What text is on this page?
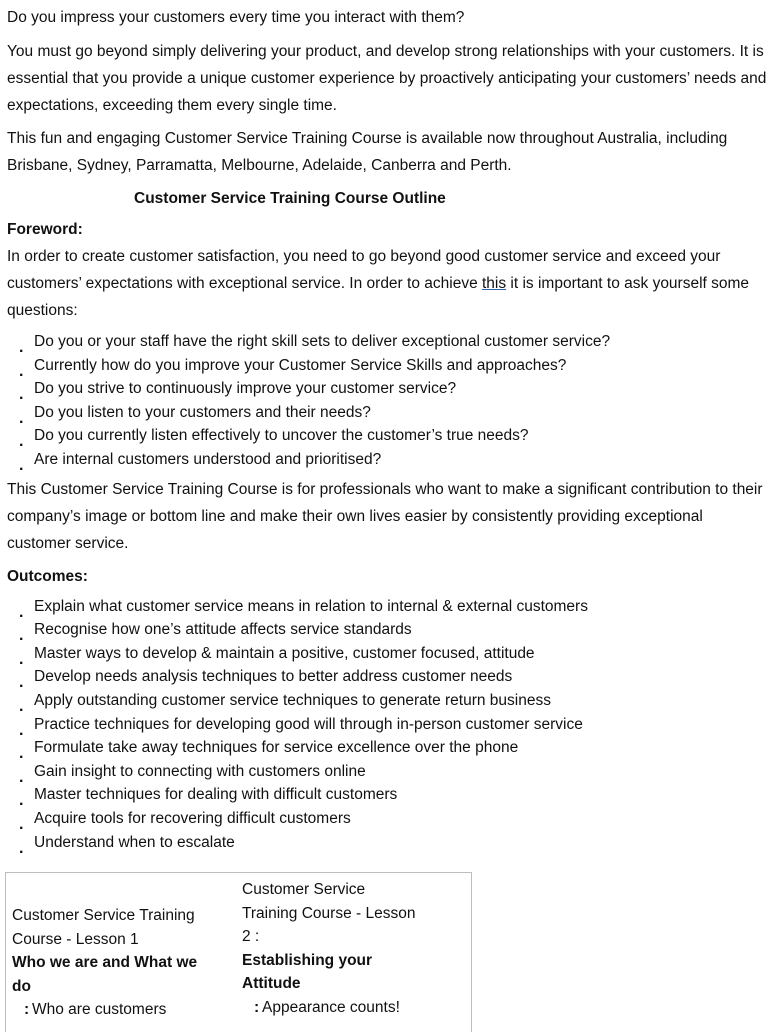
Do you impress your customers every time you interact with them?

You must go beyond simply delivering your product, and develop strong relationships with your customers. It is essential that you provide a unique customer experience by proactively anticipating your customers’ needs and expectations, exceeding them every single time.

This fun and engaging Customer Service Training Course is available now throughout Australia, including Brisbane, Sydney, Parramatta, Melbourne, Adelaide, Canberra and Perth.

Customer Service Training Course Outline
Foreword:

In order to create customer satisfaction, you need to go beyond good customer service and exceed your customers’ expectations with exceptional service. In order to achieve this it is important to ask yourself some questions:

. Do you or your staff have the right skill sets to deliver exceptional customer service?
. Currently how do you improve your Customer Service Skills and approaches?
. Do you strive to continuously improve your customer service?
. Do you listen to your customers and their needs?
. Do you currently listen effectively to uncover the customer’s true needs?
. Are internal customers understood and prioritised?

This Customer Service Training Course is for professionals who want to make a significant contribution to their company’s image or bottom line and make their own lives easier by consistently providing exceptional customer service.

Outcomes:
. Explain what customer service means in relation to internal & external customers
. Recognise how one’s attitude affects service standards
. Master ways to develop & maintain a positive, customer focused, attitude
. Develop needs analysis techniques to better address customer needs
. Apply outstanding customer service techniques to generate return business
. Practice techniques for developing good will through in-person customer service
. Formulate take away techniques for service excellence over the phone
. Gain insight to connecting with customers online
. Master techniques for dealing with difficult customers
. Acquire tools for recovering difficult customers
. Understand when to escalate
Customer Service Training
Course - Lesson 1
Who we are and What we
do
: Who are customers
Customer Service
Training Course - Lesson
2 :
Establishing your
Attitude
: Appearance counts!
